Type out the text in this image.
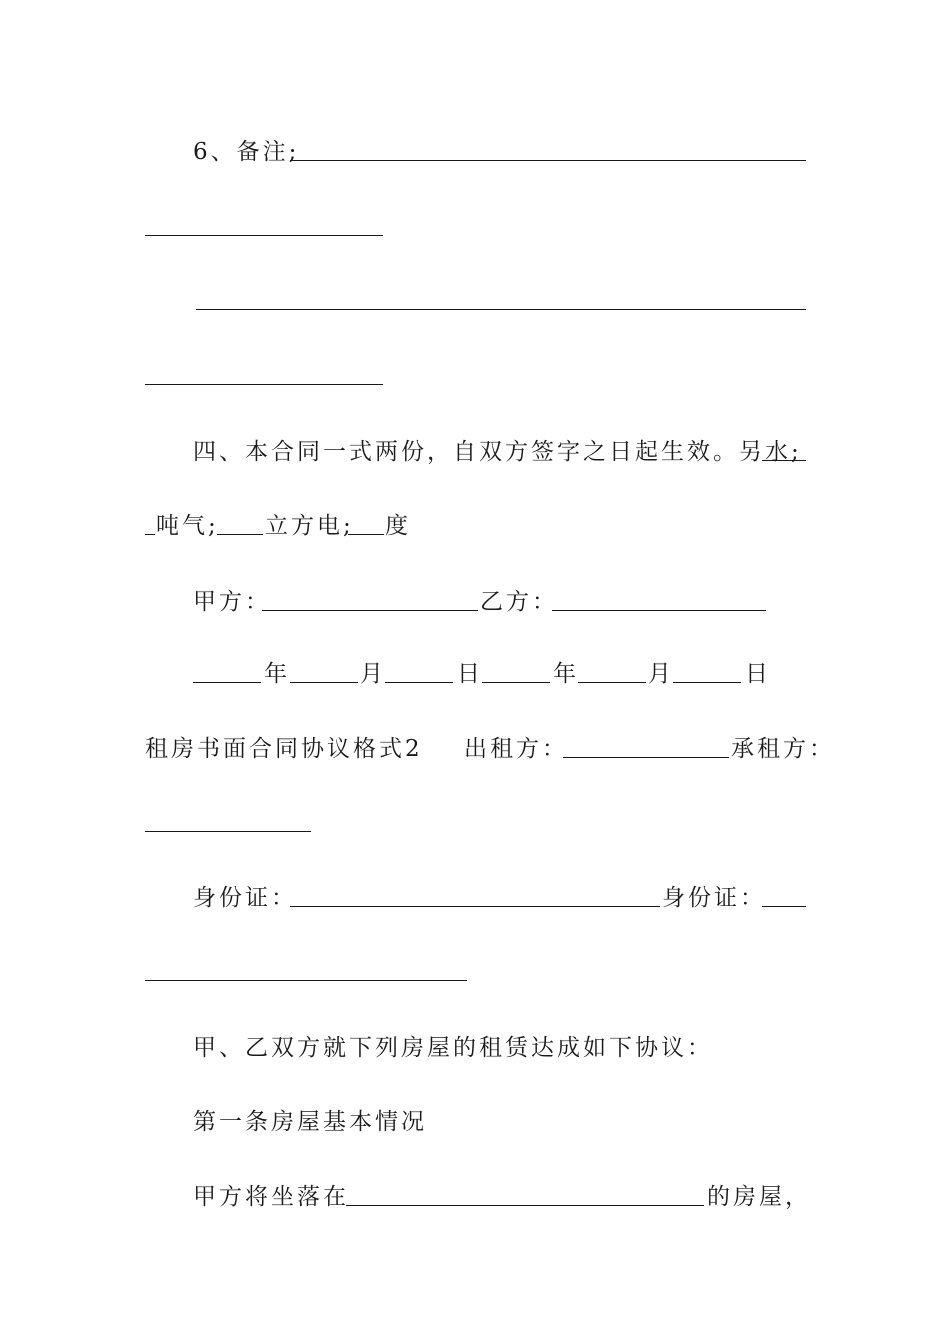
6、备注;
四、本合同一式两份，自双方签字之日起生效。另水;
吨气; 立方电; 度
甲方：	乙方：
年	月	日	年	月	日
租房书面合同协议格式2 出租方：	承租方：
身份证：	身份证：
甲、乙双方就下列房屋的租赁达成如下协议：
第一条房屋基本情况
甲方将坐落在	的房屋，
